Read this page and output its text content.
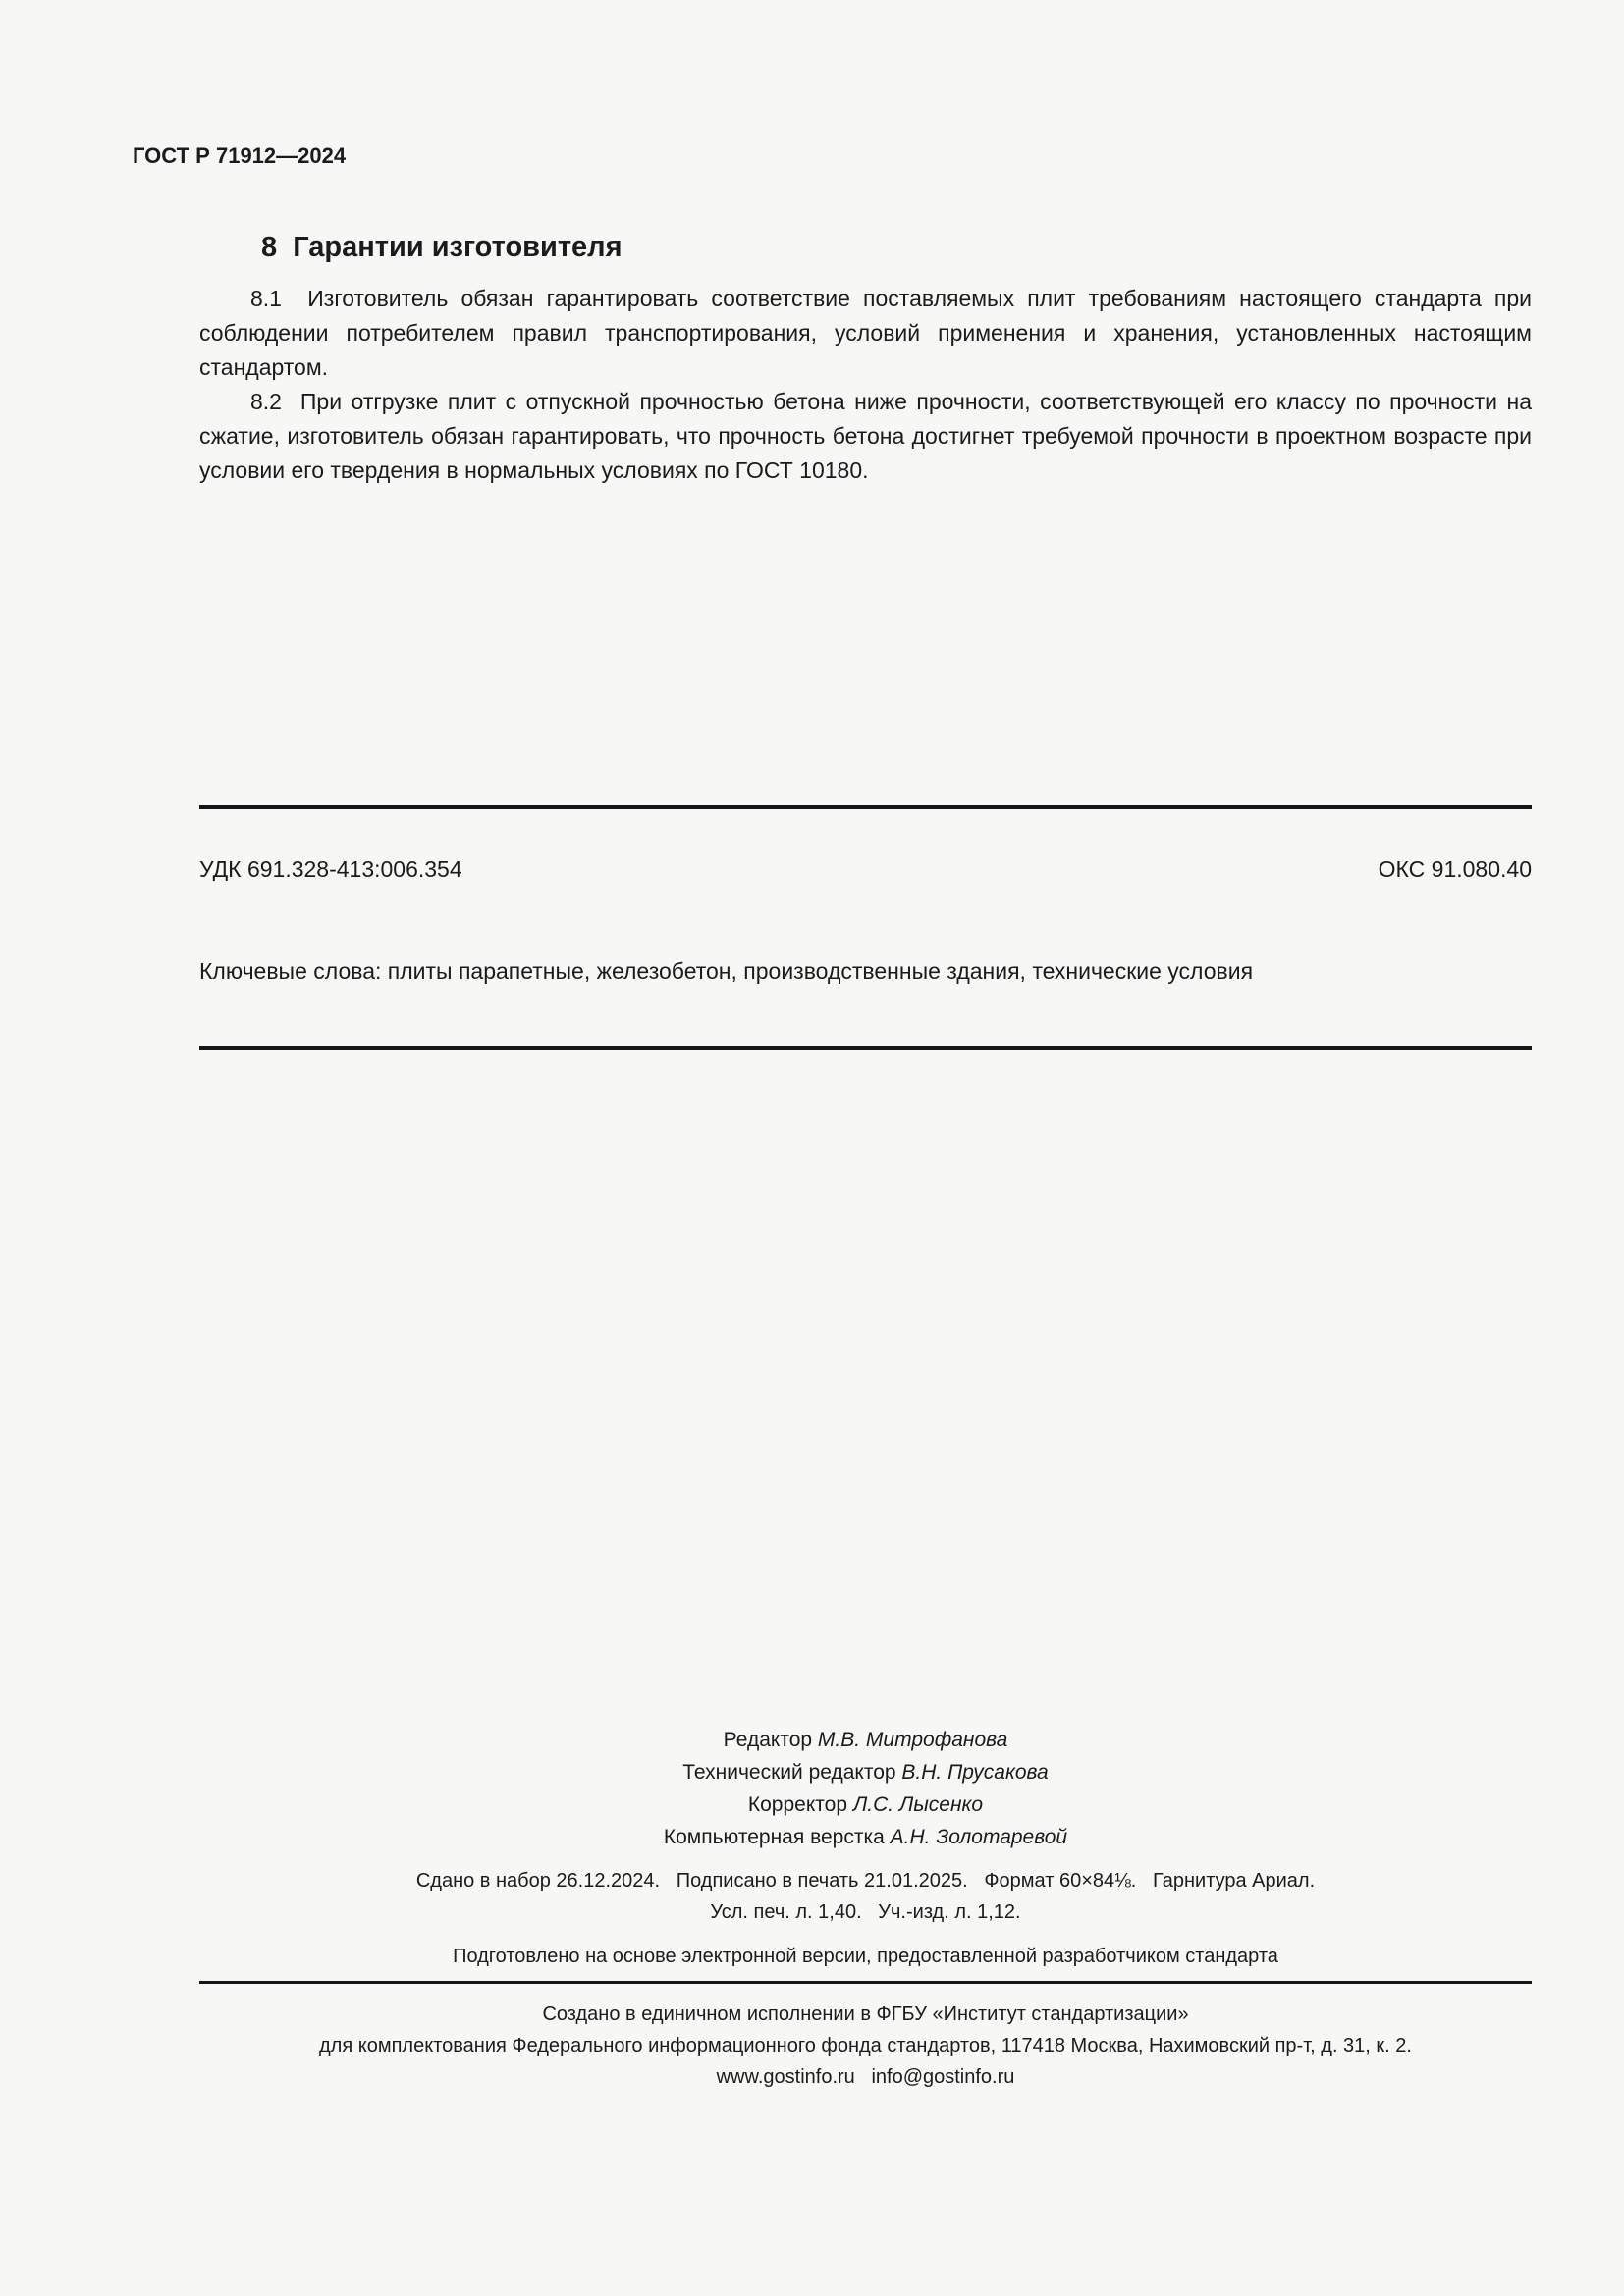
ГОСТ Р 71912—2024
8  Гарантии изготовителя

8.1  Изготовитель обязан гарантировать соответствие поставляемых плит требованиям настоящего стандарта при соблюдении потребителем правил транспортирования, условий применения и хранения, установленных настоящим стандартом.

8.2  При отгрузке плит с отпускной прочностью бетона ниже прочности, соответствующей его классу по прочности на сжатие, изготовитель обязан гарантировать, что прочность бетона достигнет требуемой прочности в проектном возрасте при условии его твердения в нормальных условиях по ГОСТ 10180.

УДК 691.328-413:006.354	ОКС 91.080.40
Ключевые слова: плиты парапетные, железобетон, производственные здания, технические условия
Редактор М.В. Митрофанова
Технический редактор В.Н. Прусакова
Корректор Л.С. Лысенко
Компьютерная верстка А.Н. Золотаревой
Сдано в набор 26.12.2024.   Подписано в печать 21.01.2025.   Формат 60×84⅛.   Гарнитура Ариал.
Усл. печ. л. 1,40.   Уч.-изд. л. 1,12.
Подготовлено на основе электронной версии, предоставленной разработчиком стандарта
Создано в единичном исполнении в ФГБУ «Институт стандартизации»
для комплектования Федерального информационного фонда стандартов, 117418 Москва, Нахимовский пр-т, д. 31, к. 2.
www.gostinfo.ru   info@gostinfo.ru
